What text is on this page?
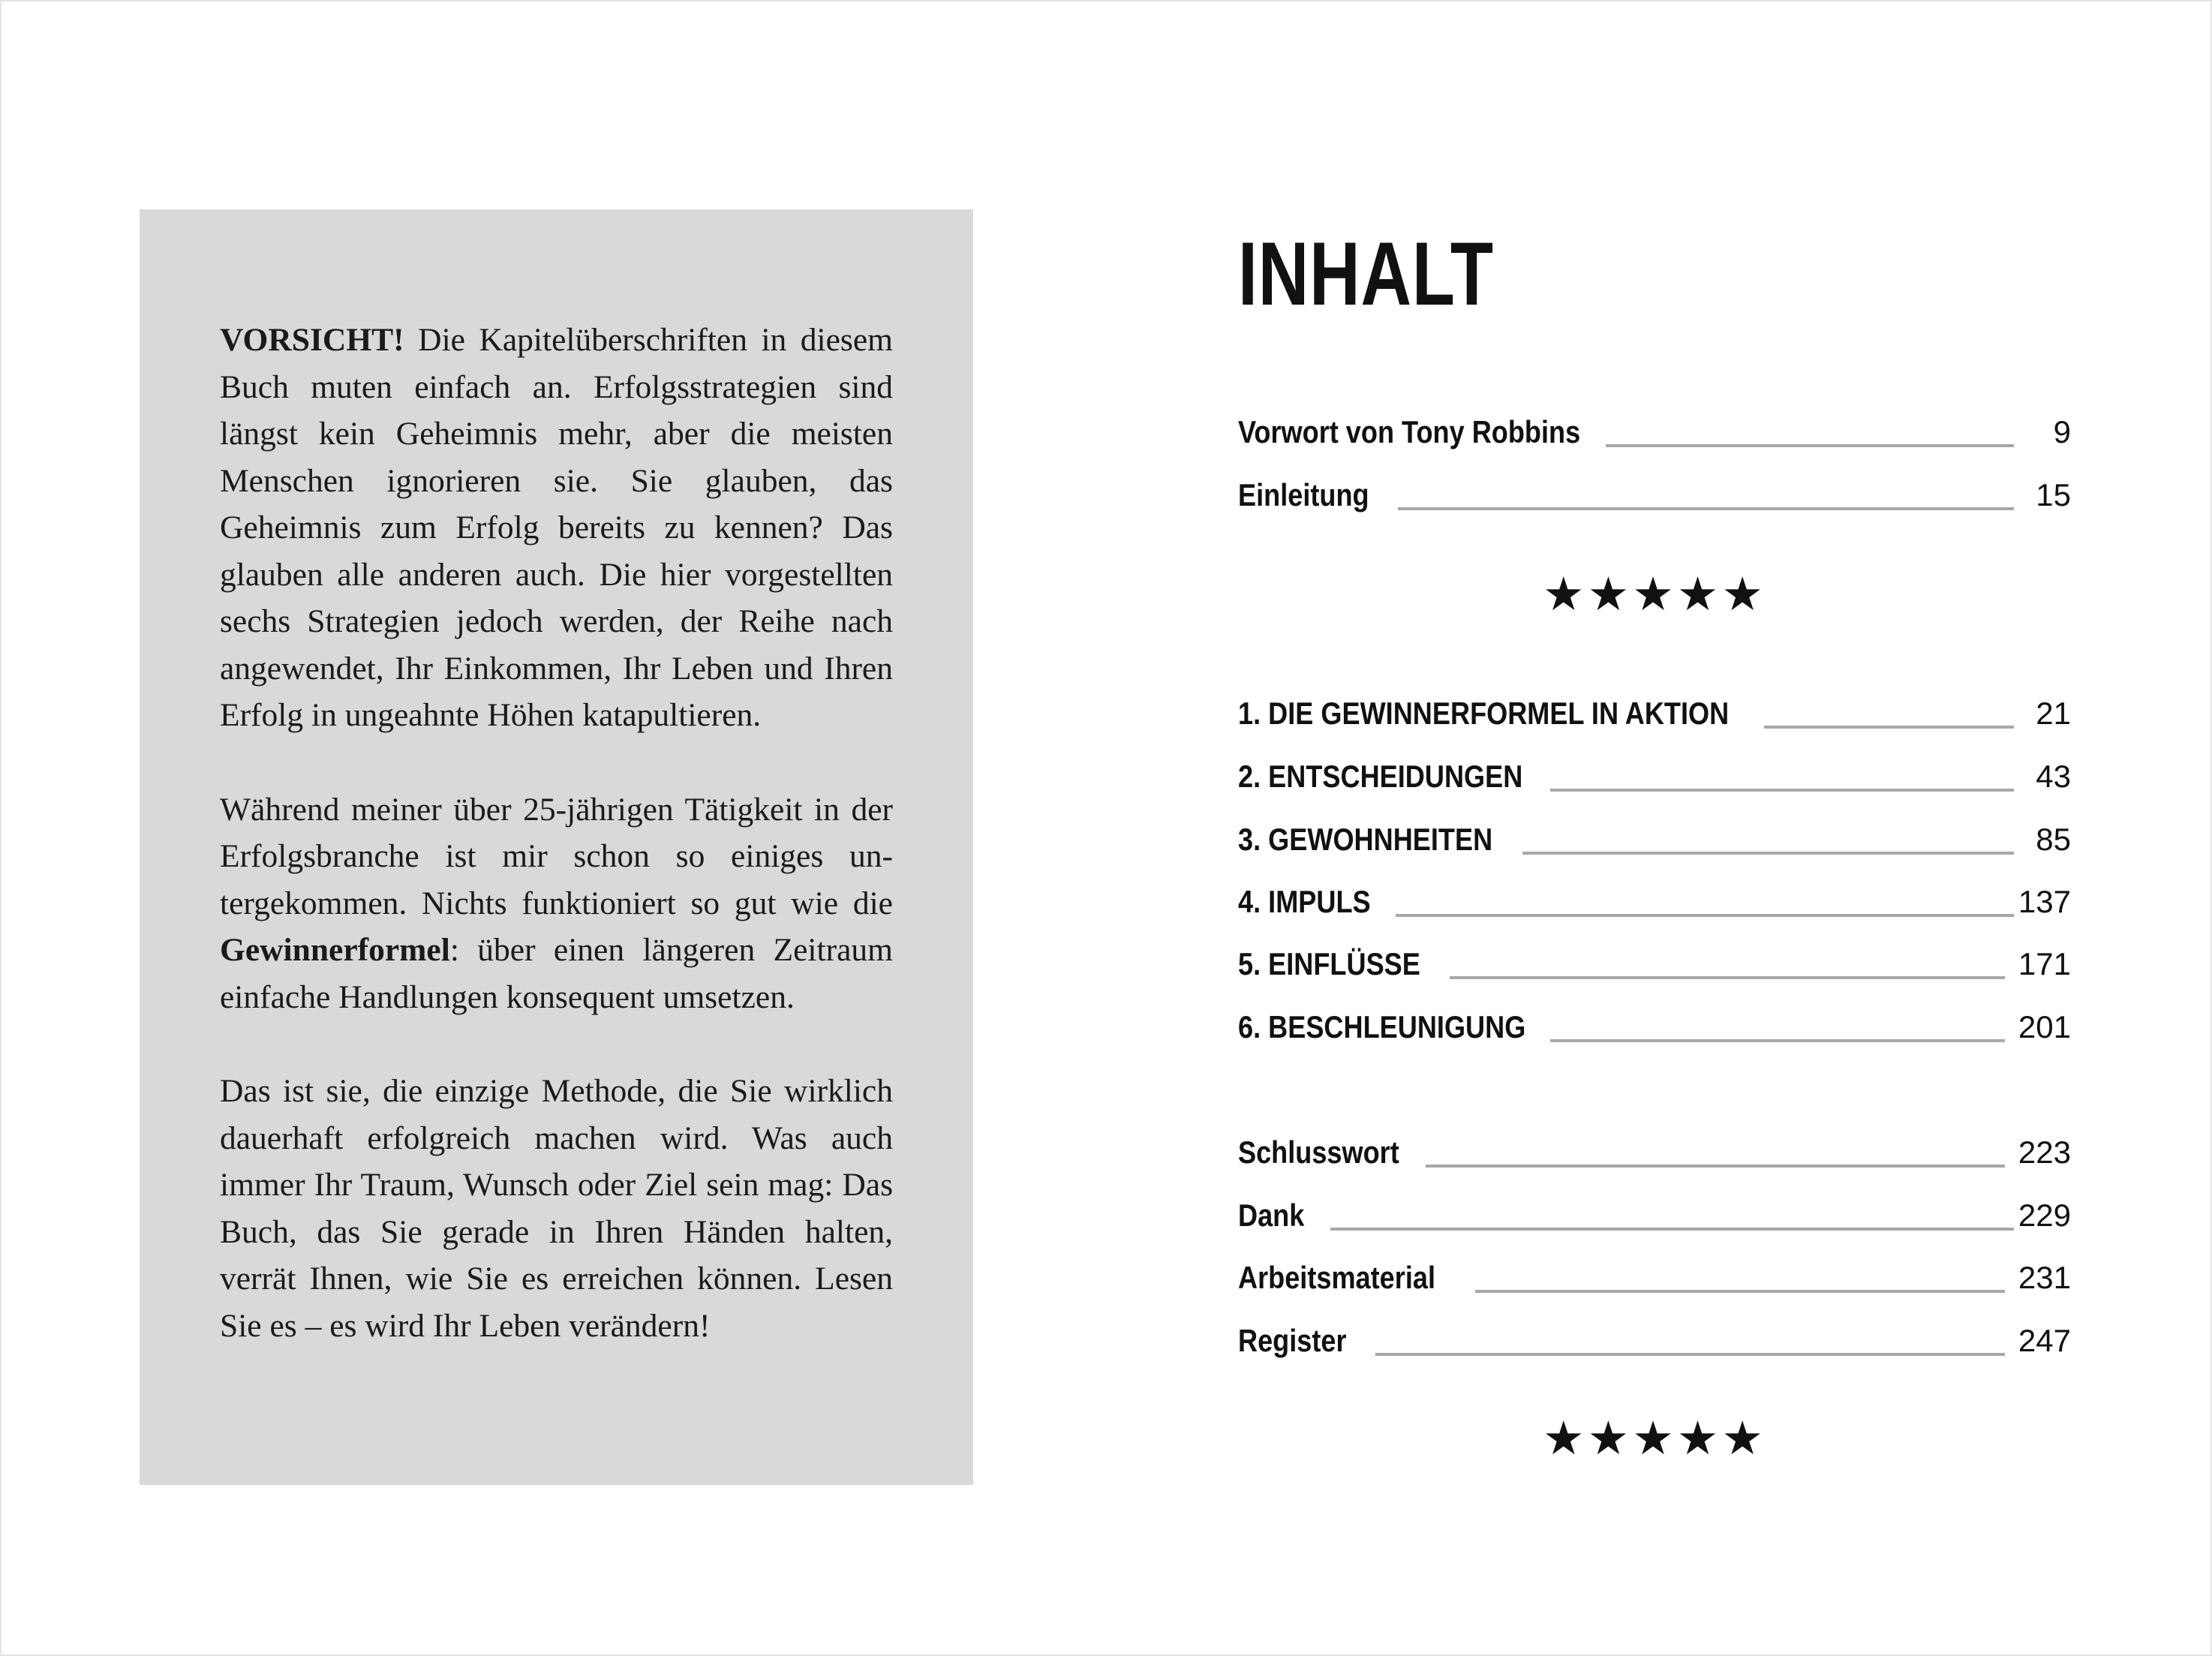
VORSICHT! Die Kapitelüberschriften in diesem Buch muten einfach an. Erfolgsstrategien sind längst kein Geheimnis mehr, aber die meisten Menschen ignorieren sie. Sie glauben, das Geheimnis zum Erfolg bereits zu kennen? Das glauben alle anderen auch. Die hier vorgestellten sechs Strategien jedoch werden, der Reihe nach angewendet, Ihr Einkommen, Ihr Leben und Ihren Erfolg in ungeahnte Höhen katapultieren.

Während meiner über 25-jährigen Tätigkeit in der Erfolgsbranche ist mir schon so einiges untergekommen. Nichts funktioniert so gut wie die Gewinnerformel: über einen längeren Zeitraum einfache Handlungen konsequent umsetzen.

Das ist sie, die einzige Methode, die Sie wirklich dauerhaft erfolgreich machen wird. Was auch immer Ihr Traum, Wunsch oder Ziel sein mag: Das Buch, das Sie gerade in Ihren Händen halten, verrät Ihnen, wie Sie es erreichen können. Lesen Sie es – es wird Ihr Leben verändern!

INHALT
Vorwort von Tony Robbins	9
Einleitung	15
★★★★★
1. DIE GEWINNERFORMEL IN AKTION	21
2. ENTSCHEIDUNGEN	43
3. GEWOHNHEITEN	85
4. IMPULS	137
5. EINFLÜSSE	171
6. BESCHLEUNIGUNG	201
Schlusswort	223
Dank	229
Arbeitsmaterial	231
Register	247
★★★★★
